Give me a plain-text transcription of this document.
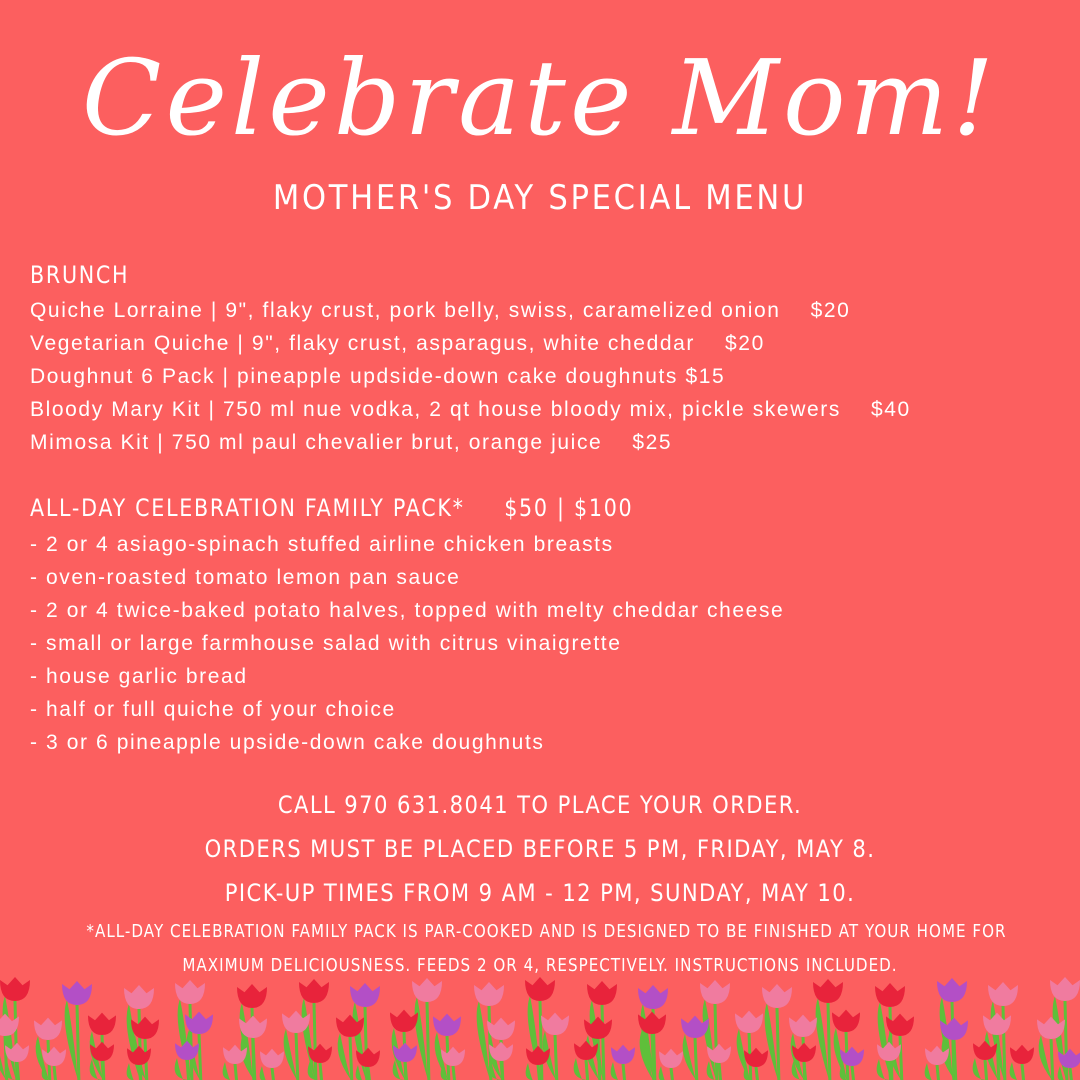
Celebrate Mom!
MOTHER'S DAY SPECIAL MENU
BRUNCH
Quiche Lorraine | 9", flaky crust, pork belly, swiss, caramelized onion $20
Vegetarian Quiche | 9", flaky crust, asparagus, white cheddar $20
Doughnut 6 Pack | pineapple updside-down cake doughnuts $15
Bloody Mary Kit | 750 ml nue vodka, 2 qt house bloody mix, pickle skewers $40
Mimosa Kit | 750 ml paul chevalier brut, orange juice $25
ALL-DAY CELEBRATION FAMILY PACK* $50 | $100
- 2 or 4 asiago-spinach stuffed airline chicken breasts
- oven-roasted tomato lemon pan sauce
- 2 or 4 twice-baked potato halves, topped with melty cheddar cheese
- small or large farmhouse salad with citrus vinaigrette
- house garlic bread
- half or full quiche of your choice
- 3 or 6 pineapple upside-down cake doughnuts
CALL 970 631.8041 TO PLACE YOUR ORDER.
ORDERS MUST BE PLACED BEFORE 5 PM, FRIDAY, MAY 8.
PICK-UP TIMES FROM 9 AM - 12 PM, SUNDAY, MAY 10.
*ALL-DAY CELEBRATION FAMILY PACK IS PAR-COOKED AND IS DESIGNED TO BE FINISHED AT YOUR HOME FOR
MAXIMUM DELICIOUSNESS. FEEDS 2 OR 4, RESPECTIVELY. INSTRUCTIONS INCLUDED.
